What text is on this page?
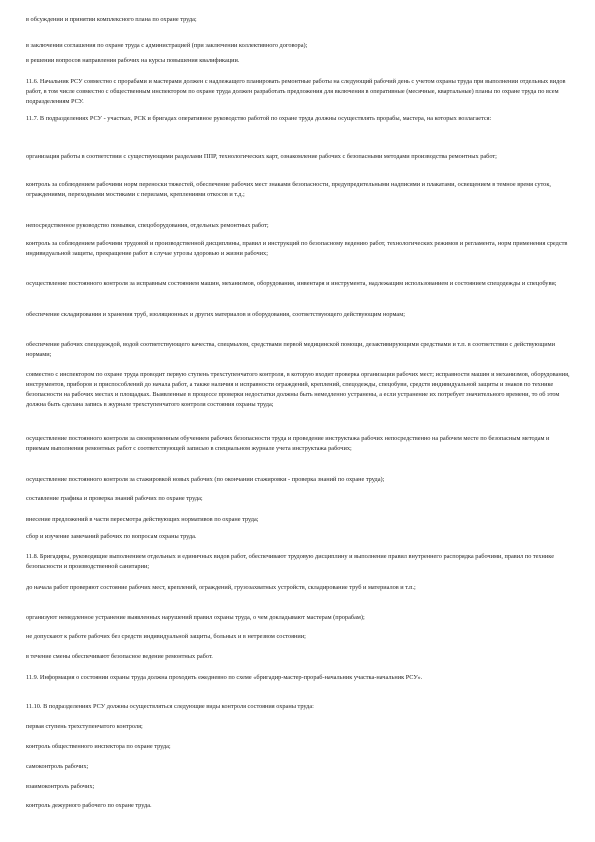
в обсуждении и принятии комплексного плана по охране труда;

в заключении соглашения по охране труда с администрацией (при заключении коллективного договора);

в решении вопросов направления рабочих на курсы повышения квалификации.

11.6. Начальник РСУ совместно с прорабами и мастерами должен с надлежащего планировать ремонтные работы на следующий рабочий день с учетом охраны труда при выполнении отдельных видов работ, в том числе совместно с общественным инспектором по охране труда должен разработать предложения для включения в оперативные (месячные, квартальные) планы по охране труда по всем подразделениям РСУ.

11.7. В подразделениях РСУ - участках, РСК и бригадах оперативное руководство работой по охране труда должны осуществлять прорабы, мастера, на которых возлагается:

организация работы в соответствии с существующими разделами ППР, технологических карт, ознакомление рабочих с безопасными методами производства ремонтных работ;

контроль за соблюдением рабочими норм переноски тяжестей, обеспечение рабочих мест знаками безопасности, предупредительными надписями и плакатами, освещением в темное время суток, ограждениями, переходными мостиками с перилами, креплениями откосов и т.д.;

непосредственное руководство помывки, спецоборудования, отдельных ремонтных работ;

контроль за соблюдением рабочими трудовой и производственной дисциплины, правил и инструкций по безопасному ведению работ, технологических режимов и регламента, норм применения средств индивидуальной защиты, прекращение работ в случае угрозы здоровью и жизни рабочих;

осуществление постоянного контроля за исправным состоянием машин, механизмов, оборудования, инвентаря и инструмента, надлежащим использованием и состоянием спецодежды и спецобуви;

обеспечение складирования и хранения труб, изоляционных и других материалов и оборудования, соответствующего действующим нормам;

обеспечение рабочих спецодеждой, водой соответствующего качества, спецмылом, средствами первой медицинской помощи, дезактивирующими средствами и т.п. в соответствии с действующими нормами;

совместно с инспектором по охране труда проводит первую ступень трехступенчатого контроля, в которую входит проверка организации рабочих мест; исправности машин и механизмов, оборудования, инструментов, приборов и приспособлений до начала работ, а также наличия и исправности ограждений, креплений, спецодежды, спецобуви, средств индивидуальной защиты и знаков по технике безопасности на рабочих местах и площадках. Выявленные в процессе проверки недостатки должны быть немедленно устранены, а если устранение их потребует значительного времени, то об этом должна быть сделана запись в журнале трехступенчатого контроля состояния охраны труда;

осуществление постоянного контроля за своевременным обучением рабочих безопасности труда и проведение инструктажа рабочих непосредственно на рабочем месте по безопасным методам и приемам выполнения ремонтных работ с соответствующей записью в специальном журнале учета инструктажа рабочих;

осуществление постоянного контроля за стажировкой новых рабочих (по окончании стажировки - проверка знаний по охране труда);

составление графика и проверка знаний рабочих по охране труда;

внесение предложений в части пересмотра действующих нормативов по охране труда;

сбор и изучение замечаний рабочих по вопросам охраны труда.

11.8. Бригадиры, руководящие выполнением отдельных и единичных видов работ, обеспечивают трудовую дисциплину и выполнение правил внутреннего распорядка рабочими, правил по технике безопасности и производственной санитарии;

до начала работ проверяют состояние рабочих мест, креплений, ограждений, грузозахватных устройств, складирование труб и материалов и т.п.;

организуют немедленное устранение выявленных нарушений правил охраны труда, о чем докладывают мастерам (прорабам);

не допускают к работе рабочих без средств индивидуальной защиты, больных и в нетрезвом состоянии;

в течение смены обеспечивают безопасное ведение ремонтных работ.

11.9. Информация о состоянии охраны труда должна проходить ежедневно по схеме «бригадир-мастер-прораб-начальник участка-начальник РСУ».

11.10. В подразделениях РСУ должны осуществляться следующие виды контроля состояния охраны труда:

первая ступень трехступенчатого контроля;

контроль общественного инспектора по охране труда;

самоконтроль рабочих;

взаимоконтроль рабочих;

контроль дежурного рабочего по охране труда.
